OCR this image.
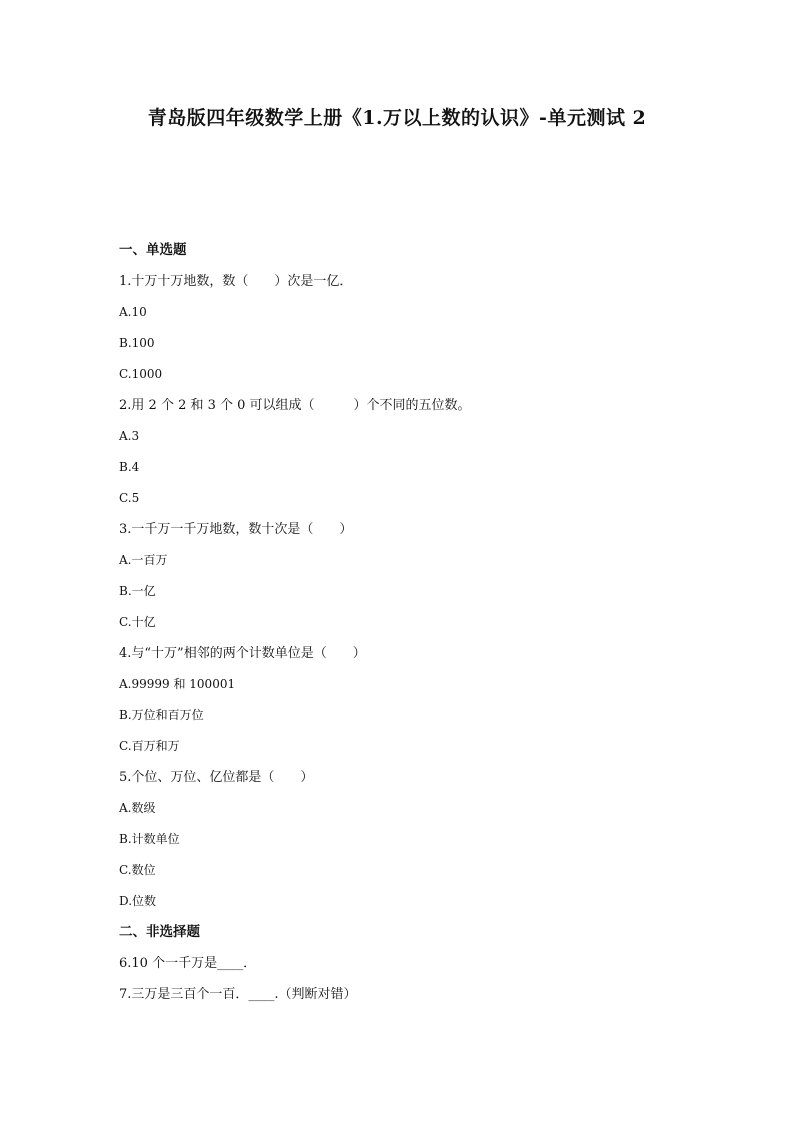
青岛版四年级数学上册《1.万以上数的认识》-单元测试 2
一、单选题
1.十万十万地数，数（　　）次是一亿．
A.10
B.100
C.1000
2.用 2 个 2 和 3 个 0 可以组成（　　　）个不同的五位数。
A.3
B.4
C.5
3.一千万一千万地数，数十次是（　　）
A.一百万
B.一亿
C.十亿
4.与“十万”相邻的两个计数单位是（　　）
A.99999 和 100001
B.万位和百万位
C.百万和万
5.个位、万位、亿位都是（　　）
A.数级
B.计数单位
C.数位
D.位数
二、非选择题
6.10 个一千万是____．
7.三万是三百个一百．____.（判断对错）
